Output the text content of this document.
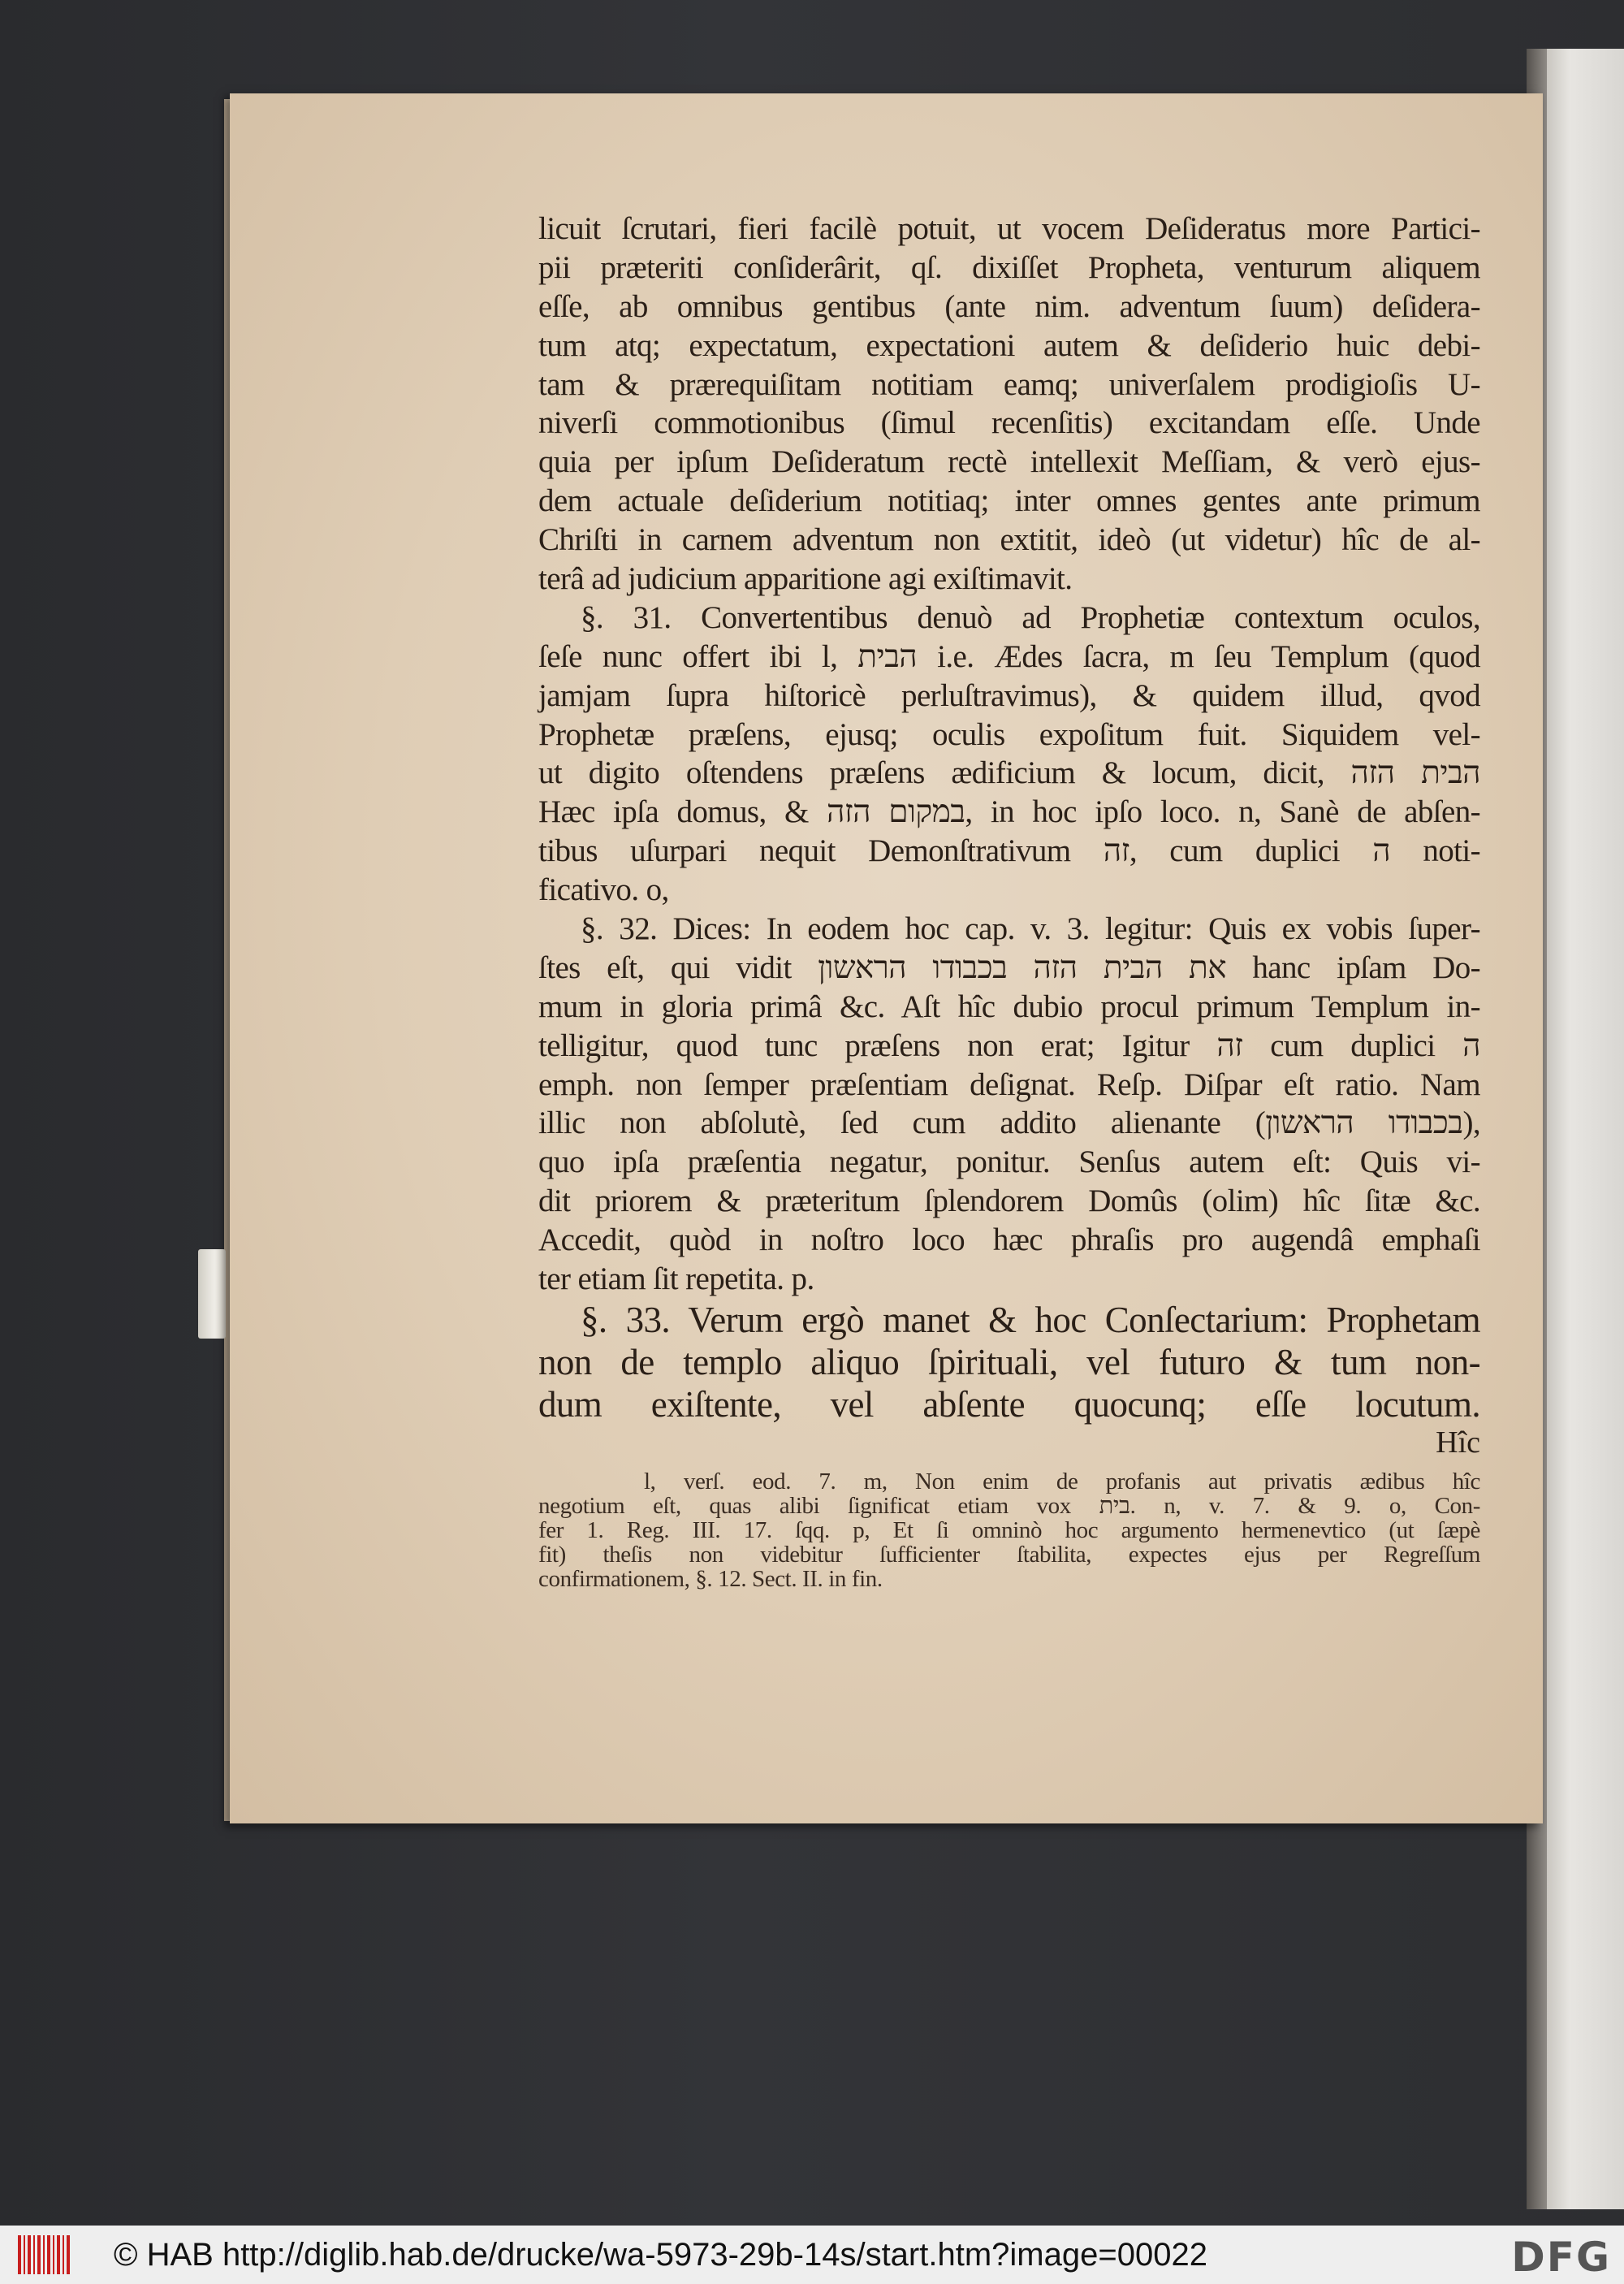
licuit ſcrutari, fieri facilè potuit, ut vocem Deſideratus more Partici-
pii præteriti conſiderârit, qſ. dixiſſet Propheta, venturum aliquem
eſſe, ab omnibus gentibus (ante nim. adventum ſuum) deſidera-
tum atq; expectatum, expectationi autem & deſiderio huic debi-
tam & prærequiſitam notitiam eamq; univerſalem prodigioſis U-
niverſi commotionibus (ſimul recenſitis) excitandam eſſe. Unde
quia per ipſum Deſideratum rectè intellexit Meſſiam, & verò ejus-
dem actuale deſiderium notitiaq; inter omnes gentes ante primum
Chriſti in carnem adventum non extitit, ideò (ut videtur) hîc de al-
terâ ad judicium apparitione agi exiſtimavit.
§. 31. Convertentibus denuò ad Prophetiæ contextum oculos,
ſeſe nunc offert ibi l, הבית i.e. Ædes ſacra, m ſeu Templum (quod
jamjam ſupra hiſtoricè perluſtravimus), & quidem illud, qvod
Prophetæ præſens, ejusq; oculis expoſitum fuit. Siquidem vel-
ut digito oſtendens præſens ædificium & locum, dicit, הבית הזה
Hæc ipſa domus, & במקום הזה, in hoc ipſo loco. n, Sanè de abſen-
tibus uſurpari nequit Demonſtrativum זה, cum duplici ה noti-
ficativo. o,
§. 32. Dices: In eodem hoc cap. v. 3. legitur: Quis ex vobis ſuper-
ſtes eſt, qui vidit את הבית הזה בכבודו הראשון hanc ipſam Do-
mum in gloria primâ &c. Aſt hîc dubio procul primum Templum in-
telligitur, quod tunc præſens non erat; Igitur זה cum duplici ה
emph. non ſemper præſentiam deſignat. Reſp. Diſpar eſt ratio. Nam
illic non abſolutè, ſed cum addito alienante (בכבודו הראשון),
quo ipſa præſentia negatur, ponitur. Senſus autem eſt: Quis vi-
dit priorem & præteritum ſplendorem Domûs (olim) hîc ſitæ &c.
Accedit, quòd in noſtro loco hæc phraſis pro augendâ emphaſi
ter etiam ſit repetita. p.
§. 33. Verum ergò manet & hoc Conſectarium: Prophetam
non de templo aliquo ſpirituali, vel futuro & tum non-
dum exiſtente, vel abſente quocunq; eſſe locutum.
Hîc
l, verſ. eod. 7. m, Non enim de profanis aut privatis ædibus hîc
negotium eſt, quas alibi ſignificat etiam vox בית. n, v. 7. & 9. o, Con-
fer 1. Reg. III. 17. ſqq. p, Et ſi omninò hoc argumento hermenevtico (ut ſæpè
fit) theſis non videbitur ſufficienter ſtabilita, expectes ejus per Regreſſum
confirmationem, §. 12. Sect. II. in fin.
© HAB http://diglib.hab.de/drucke/wa-5973-29b-14s/start.htm?image=00022	DFG
